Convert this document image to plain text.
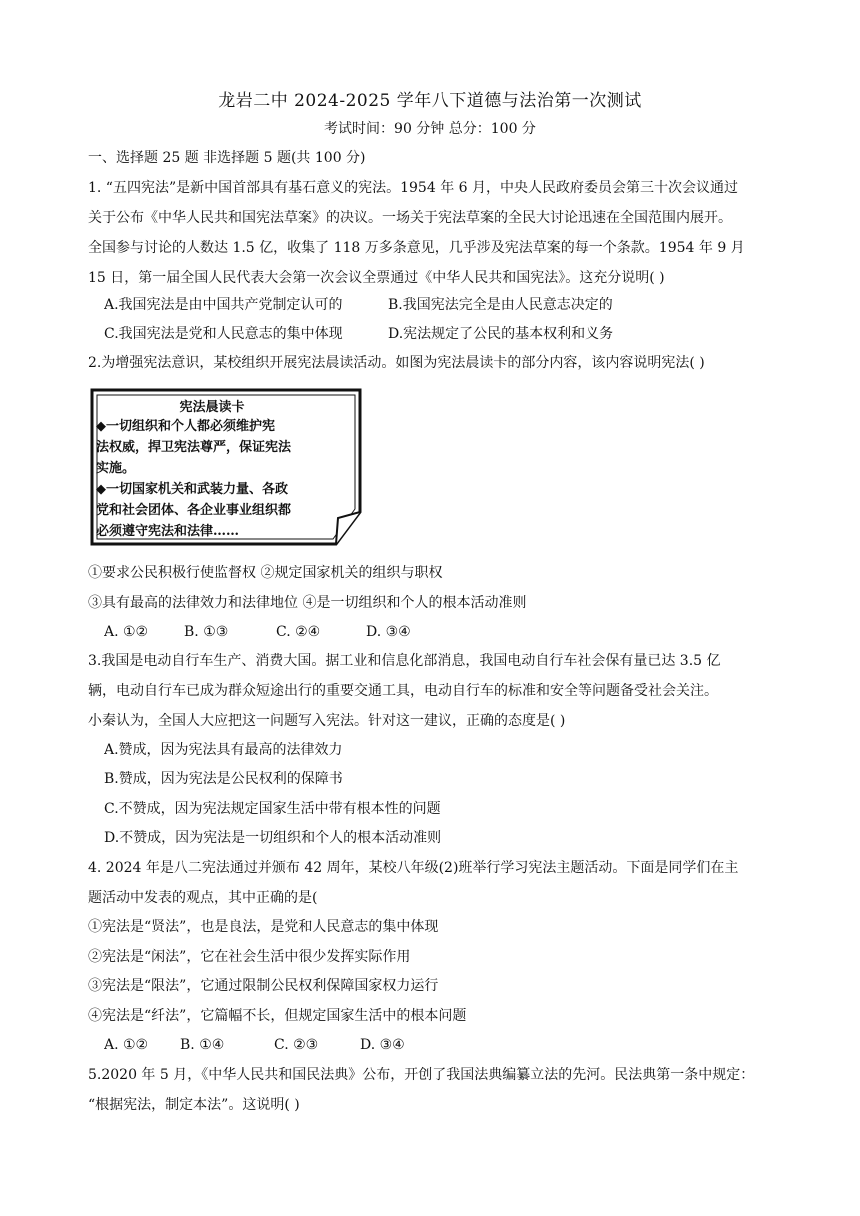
龙岩二中 2024-2025 学年八下道德与法治第一次测试
考试时间：90 分钟 总分：100 分
一、选择题 25 题 非选择题 5 题(共 100 分)
1. “五四宪法”是新中国首部具有基石意义的宪法。1954 年 6 月，中央人民政府委员会第三十次会议通过
关于公布《中华人民共和国宪法草案》的决议。一场关于宪法草案的全民大讨论迅速在全国范围内展开。
全国参与讨论的人数达 1.5 亿，收集了 118 万多条意见，几乎涉及宪法草案的每一个条款。1954 年 9 月
15 日，第一届全国人民代表大会第一次会议全票通过《中华人民共和国宪法》。这充分说明( )
A.我国宪法是由中国共产党制定认可的	B.我国宪法完全是由人民意志决定的
C.我国宪法是党和人民意志的集中体现	D.宪法规定了公民的基本权利和义务
2.为增强宪法意识，某校组织开展宪法晨读活动。如图为宪法晨读卡的部分内容，该内容说明宪法( )
宪法晨读卡
◆一切组织和个人都必须维护宪
法权威，捍卫宪法尊严，保证宪法
实施。
◆一切国家机关和武装力量、各政
党和社会团体、各企业事业组织都
必须遵守宪法和法律……
①要求公民积极行使监督权 ②规定国家机关的组织与职权
③具有最高的法律效力和法律地位 ④是一切组织和个人的根本活动准则
A. ①②	B. ①③	C. ②④	D. ③④
3.我国是电动自行车生产、消费大国。据工业和信息化部消息，我国电动自行车社会保有量已达 3.5 亿
辆，电动自行车已成为群众短途出行的重要交通工具，电动自行车的标准和安全等问题备受社会关注。
小秦认为，全国人大应把这一问题写入宪法。针对这一建议，正确的态度是( )
A.赞成，因为宪法具有最高的法律效力
B.赞成，因为宪法是公民权利的保障书
C.不赞成，因为宪法规定国家生活中带有根本性的问题
D.不赞成，因为宪法是一切组织和个人的根本活动准则
4. 2024 年是八二宪法通过并颁布 42 周年，某校八年级(2)班举行学习宪法主题活动。下面是同学们在主
题活动中发表的观点，其中正确的是(
①宪法是“贤法”，也是良法，是党和人民意志的集中体现
②宪法是“闲法”，它在社会生活中很少发挥实际作用
③宪法是“限法”，它通过限制公民权利保障国家权力运行
④宪法是“纤法”，它篇幅不长，但规定国家生活中的根本问题
A. ①② B. ①④	C. ②③	D. ③④
5.2020 年 5 月，《中华人民共和国民法典》公布，开创了我国法典编纂立法的先河。民法典第一条中规定：
“根据宪法，制定本法”。这说明( )
